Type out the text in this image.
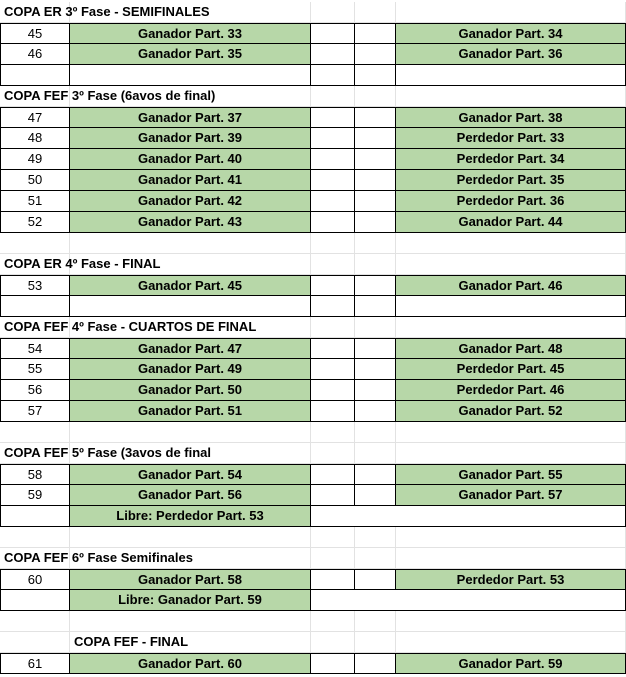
COPA ER 3º Fase - SEMIFINALES
45	Ganador Part. 33	Ganador Part. 34
46	Ganador Part. 35	Ganador Part. 36
COPA FEF 3º Fase (6avos de final)
47	Ganador Part. 37	Ganador Part. 38
48	Ganador Part. 39	Perdedor Part. 33
49	Ganador Part. 40	Perdedor Part. 34
50	Ganador Part. 41	Perdedor Part. 35
51	Ganador Part. 42	Perdedor Part. 36
52	Ganador Part. 43	Ganador Part. 44
COPA ER 4º Fase - FINAL
53	Ganador Part. 45	Ganador Part. 46
COPA FEF 4º Fase - CUARTOS DE FINAL
54	Ganador Part. 47	Ganador Part. 48
55	Ganador Part. 49	Perdedor Part. 45
56	Ganador Part. 50	Perdedor Part. 46
57	Ganador Part. 51	Ganador Part. 52
COPA FEF 5º Fase (3avos de final
58	Ganador Part. 54	Ganador Part. 55
59	Ganador Part. 56	Ganador Part. 57
Libre: Perdedor Part. 53
COPA FEF 6º Fase Semifinales
60	Ganador Part. 58	Perdedor Part. 53
Libre: Ganador Part. 59
COPA FEF - FINAL
61	Ganador Part. 60	Ganador Part. 59
